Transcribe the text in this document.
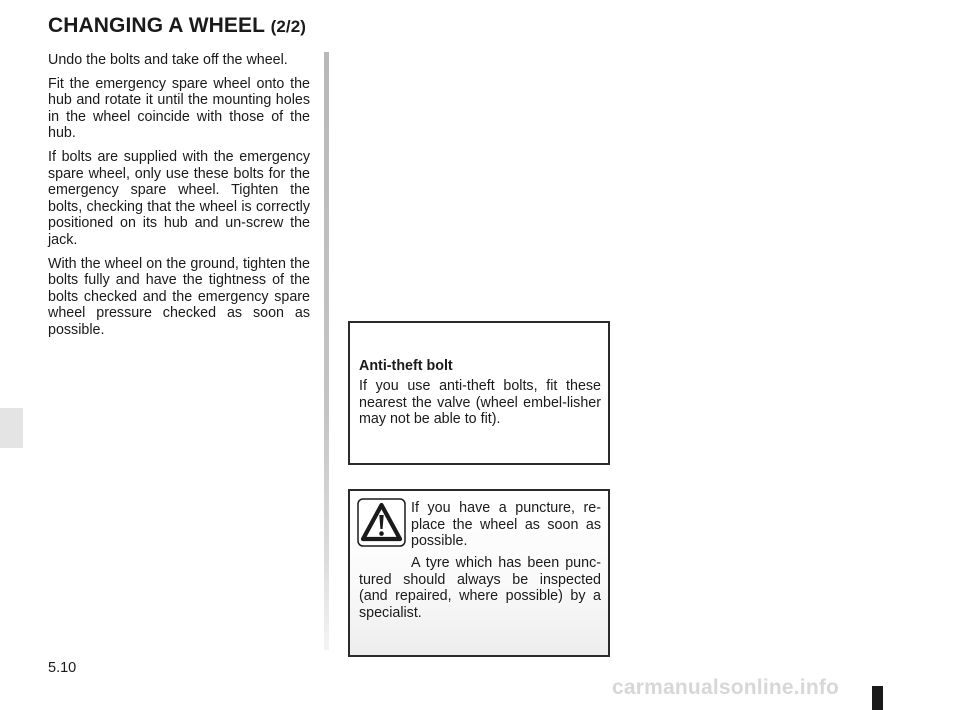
CHANGING A WHEEL (2/2)

Undo the bolts and take off the wheel.

Fit the emergency spare wheel onto the hub and rotate it until the mounting holes in the wheel coincide with those of the hub.

If bolts are supplied with the emergency spare wheel, only use these bolts for the emergency spare wheel. Tighten the bolts, checking that the wheel is correctly positioned on its hub and un-screw the jack.

With the wheel on the ground, tighten the bolts fully and have the tightness of the bolts checked and the emergency spare wheel pressure checked as soon as possible.

Anti-theft bolt

If you use anti-theft bolts, fit these nearest the valve (wheel embel-lisher may not be able to fit).

If you have a puncture, re-place the wheel as soon as possible.

A tyre which has been punc-tured should always be inspected (and repaired, where possible) by a specialist.

5.10
carmanualsonline.info
